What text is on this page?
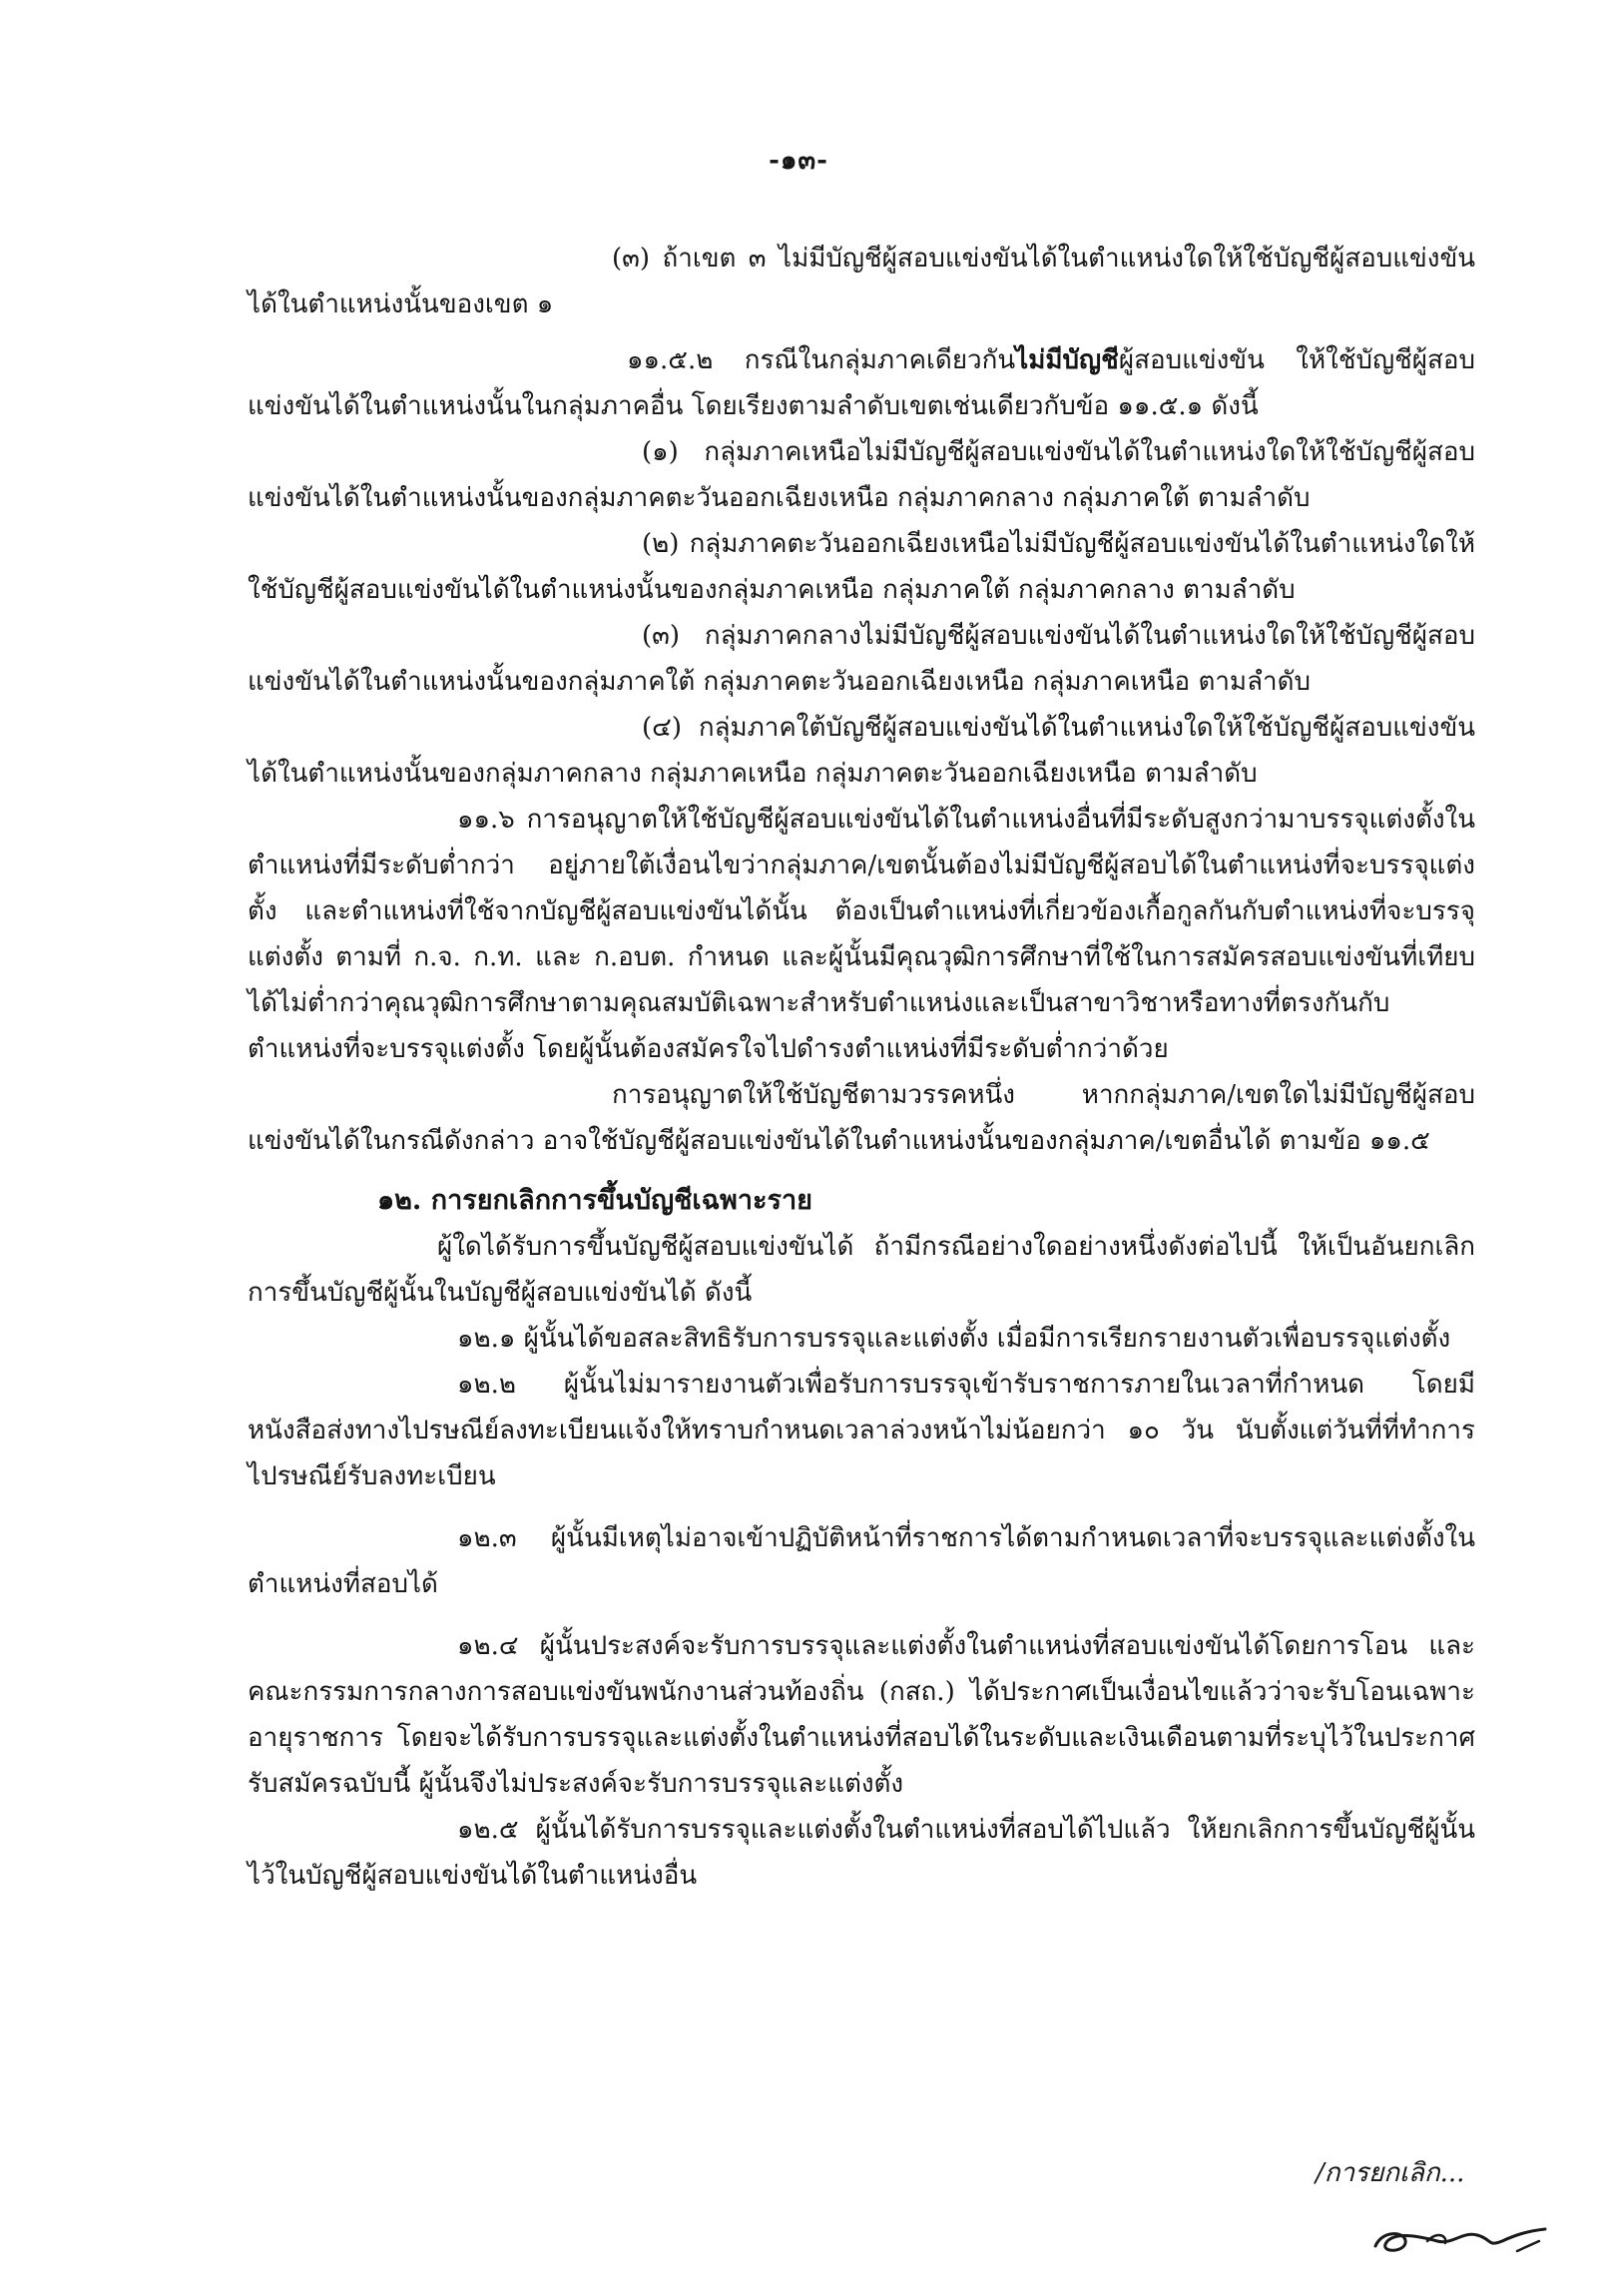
-๑๓-

(๓) ถ้าเขต ๓ ไม่มีบัญชีผู้สอบแข่งขันได้ในตำแหน่งใดให้ใช้บัญชีผู้สอบแข่งขันได้ในตำแหน่งนั้นของเขต ๑

๑๑.๕.๒ กรณีในกลุ่มภาคเดียวกันไม่มีบัญชีผู้สอบแข่งขัน ให้ใช้บัญชีผู้สอบแข่งขันได้ในตำแหน่งนั้นในกลุ่มภาคอื่น โดยเรียงตามลำดับเขตเช่นเดียวกับข้อ ๑๑.๕.๑ ดังนี้

(๑) กลุ่มภาคเหนือไม่มีบัญชีผู้สอบแข่งขันได้ในตำแหน่งใดให้ใช้บัญชีผู้สอบแข่งขันได้ในตำแหน่งนั้นของกลุ่มภาคตะวันออกเฉียงเหนือ กลุ่มภาคกลาง กลุ่มภาคใต้ ตามลำดับ

(๒) กลุ่มภาคตะวันออกเฉียงเหนือไม่มีบัญชีผู้สอบแข่งขันได้ในตำแหน่งใดให้ใช้บัญชีผู้สอบแข่งขันได้ในตำแหน่งนั้นของกลุ่มภาคเหนือ กลุ่มภาคใต้ กลุ่มภาคกลาง ตามลำดับ

(๓) กลุ่มภาคกลางไม่มีบัญชีผู้สอบแข่งขันได้ในตำแหน่งใดให้ใช้บัญชีผู้สอบแข่งขันได้ในตำแหน่งนั้นของกลุ่มภาคใต้ กลุ่มภาคตะวันออกเฉียงเหนือ กลุ่มภาคเหนือ ตามลำดับ

(๔) กลุ่มภาคใต้บัญชีผู้สอบแข่งขันได้ในตำแหน่งใดให้ใช้บัญชีผู้สอบแข่งขันได้ในตำแหน่งนั้นของกลุ่มภาคกลาง กลุ่มภาคเหนือ กลุ่มภาคตะวันออกเฉียงเหนือ ตามลำดับ

๑๑.๖ การอนุญาตให้ใช้บัญชีผู้สอบแข่งขันได้ในตำแหน่งอื่นที่มีระดับสูงกว่ามาบรรจุแต่งตั้งในตำแหน่งที่มีระดับต่ำกว่า อยู่ภายใต้เงื่อนไขว่ากลุ่มภาค/เขตนั้นต้องไม่มีบัญชีผู้สอบได้ในตำแหน่งที่จะบรรจุแต่งตั้ง และตำแหน่งที่ใช้จากบัญชีผู้สอบแข่งขันได้นั้น ต้องเป็นตำแหน่งที่เกี่ยวข้องเกื้อกูลกันกับตำแหน่งที่จะบรรจุแต่งตั้ง ตามที่ ก.จ. ก.ท. และ ก.อบต. กำหนด และผู้นั้นมีคุณวุฒิการศึกษาที่ใช้ในการสมัครสอบแข่งขันที่เทียบได้ไม่ต่ำกว่าคุณวุฒิการศึกษาตามคุณสมบัติเฉพาะสำหรับตำแหน่งและเป็นสาขาวิชาหรือทางที่ตรงกันกับตำแหน่งที่จะบรรจุแต่งตั้ง โดยผู้นั้นต้องสมัครใจไปดำรงตำแหน่งที่มีระดับต่ำกว่าด้วย

การอนุญาตให้ใช้บัญชีตามวรรคหนึ่ง หากกลุ่มภาค/เขตใดไม่มีบัญชีผู้สอบแข่งขันได้ในกรณีดังกล่าว อาจใช้บัญชีผู้สอบแข่งขันได้ในตำแหน่งนั้นของกลุ่มภาค/เขตอื่นได้ ตามข้อ ๑๑.๕

๑๒. การยกเลิกการขึ้นบัญชีเฉพาะราย

ผู้ใดได้รับการขึ้นบัญชีผู้สอบแข่งขันได้ ถ้ามีกรณีอย่างใดอย่างหนึ่งดังต่อไปนี้ ให้เป็นอันยกเลิกการขึ้นบัญชีผู้นั้นในบัญชีผู้สอบแข่งขันได้ ดังนี้

๑๒.๑ ผู้นั้นได้ขอสละสิทธิรับการบรรจุและแต่งตั้ง เมื่อมีการเรียกรายงานตัวเพื่อบรรจุแต่งตั้ง

๑๒.๒ ผู้นั้นไม่มารายงานตัวเพื่อรับการบรรจุเข้ารับราชการภายในเวลาที่กำหนด โดยมีหนังสือส่งทางไปรษณีย์ลงทะเบียนแจ้งให้ทราบกำหนดเวลาล่วงหน้าไม่น้อยกว่า ๑๐ วัน นับตั้งแต่วันที่ที่ทำการไปรษณีย์รับลงทะเบียน

๑๒.๓ ผู้นั้นมีเหตุไม่อาจเข้าปฏิบัติหน้าที่ราชการได้ตามกำหนดเวลาที่จะบรรจุและแต่งตั้งในตำแหน่งที่สอบได้

๑๒.๔ ผู้นั้นประสงค์จะรับการบรรจุและแต่งตั้งในตำแหน่งที่สอบแข่งขันได้โดยการโอน และคณะกรรมการกลางการสอบแข่งขันพนักงานส่วนท้องถิ่น (กสถ.) ได้ประกาศเป็นเงื่อนไขแล้วว่าจะรับโอนเฉพาะอายุราชการ โดยจะได้รับการบรรจุและแต่งตั้งในตำแหน่งที่สอบได้ในระดับและเงินเดือนตามที่ระบุไว้ในประกาศรับสมัครฉบับนี้ ผู้นั้นจึงไม่ประสงค์จะรับการบรรจุและแต่งตั้ง

๑๒.๕ ผู้นั้นได้รับการบรรจุและแต่งตั้งในตำแหน่งที่สอบได้ไปแล้ว ให้ยกเลิกการขึ้นบัญชีผู้นั้นไว้ในบัญชีผู้สอบแข่งขันได้ในตำแหน่งอื่น

/การยกเลิก...
